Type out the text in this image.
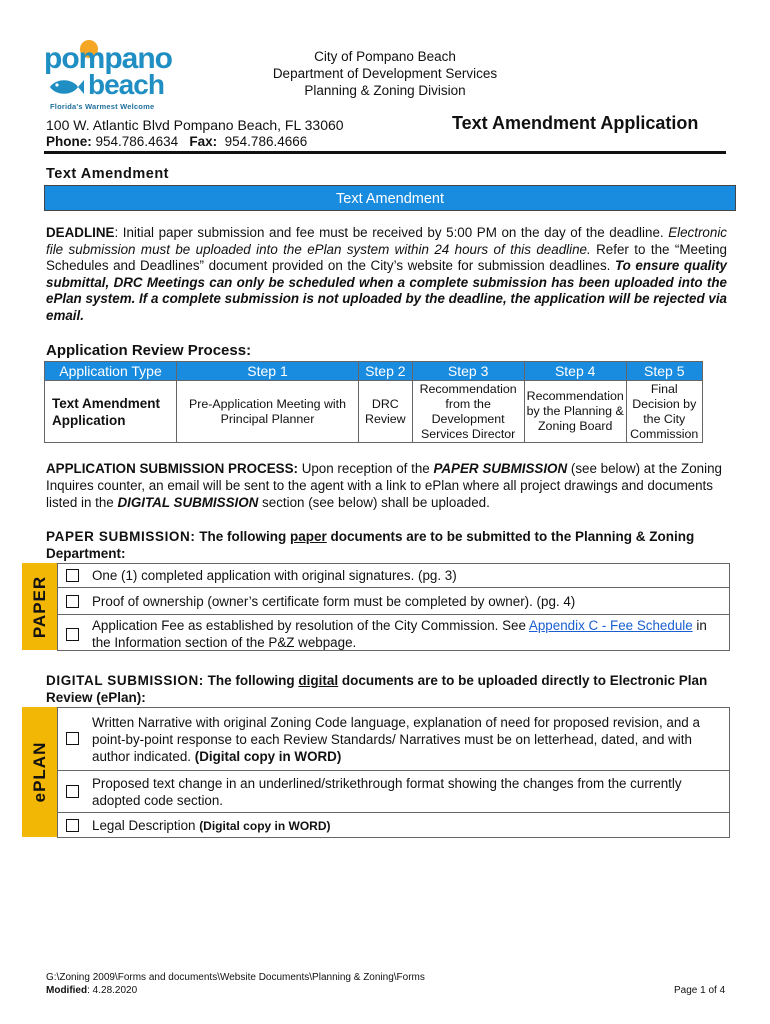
pompano
beach
Florida's Warmest Welcome
City of Pompano Beach
Department of Development Services
Planning & Zoning Division
100 W. Atlantic Blvd Pompano Beach, FL 33060
Phone: 954.786.4634 Fax: 954.786.4666
Text Amendment Application
Text Amendment
Text Amendment
DEADLINE: Initial paper submission and fee must be received by 5:00 PM on the day of the deadline. Electronic file submission must be uploaded into the ePlan system within 24 hours of this deadline. Refer to the “Meeting Schedules and Deadlines” document provided on the City’s website for submission deadlines. To ensure quality submittal, DRC Meetings can only be scheduled when a complete submission has been uploaded into the ePlan system. If a complete submission is not uploaded by the deadline, the application will be rejected via email.
Application Review Process:
Application Type	Step 1	Step 2	Step 3	Step 4	Step 5

Text Amendment
Application	Pre-Application Meeting with Principal Planner	DRC Review	Recommendation from the Development Services Director	Recommendation by the Planning & Zoning Board	Final Decision by the City Commission
APPLICATION SUBMISSION PROCESS: Upon reception of the PAPER SUBMISSION (see below) at the Zoning Inquires counter, an email will be sent to the agent with a link to ePlan where all project drawings and documents listed in the DIGITAL SUBMISSION section (see below) shall be uploaded.
PAPER SUBMISSION: The following paper documents are to be submitted to the Planning & Zoning Department:
PAPER	One (1) completed application with original signatures. (pg. 3)
Proof of ownership (owner’s certificate form must be completed by owner). (pg. 4)
Application Fee as established by resolution of the City Commission. See Appendix C - Fee Schedule in the Information section of the P&Z webpage.
DIGITAL SUBMISSION: The following digital documents are to be uploaded directly to Electronic Plan Review (ePlan):
ePLAN
Written Narrative with original Zoning Code language, explanation of need for proposed revision, and a point-by-point response to each Review Standards/ Narratives must be on letterhead, dated, and with author indicated. (Digital copy in WORD)
Proposed text change in an underlined/strikethrough format showing the changes from the currently adopted code section.
Legal Description (Digital copy in WORD)
G:\Zoning 2009\Forms and documents\Website Documents\Planning & Zoning\Forms
Modified: 4.28.2020	Page 1 of 4
